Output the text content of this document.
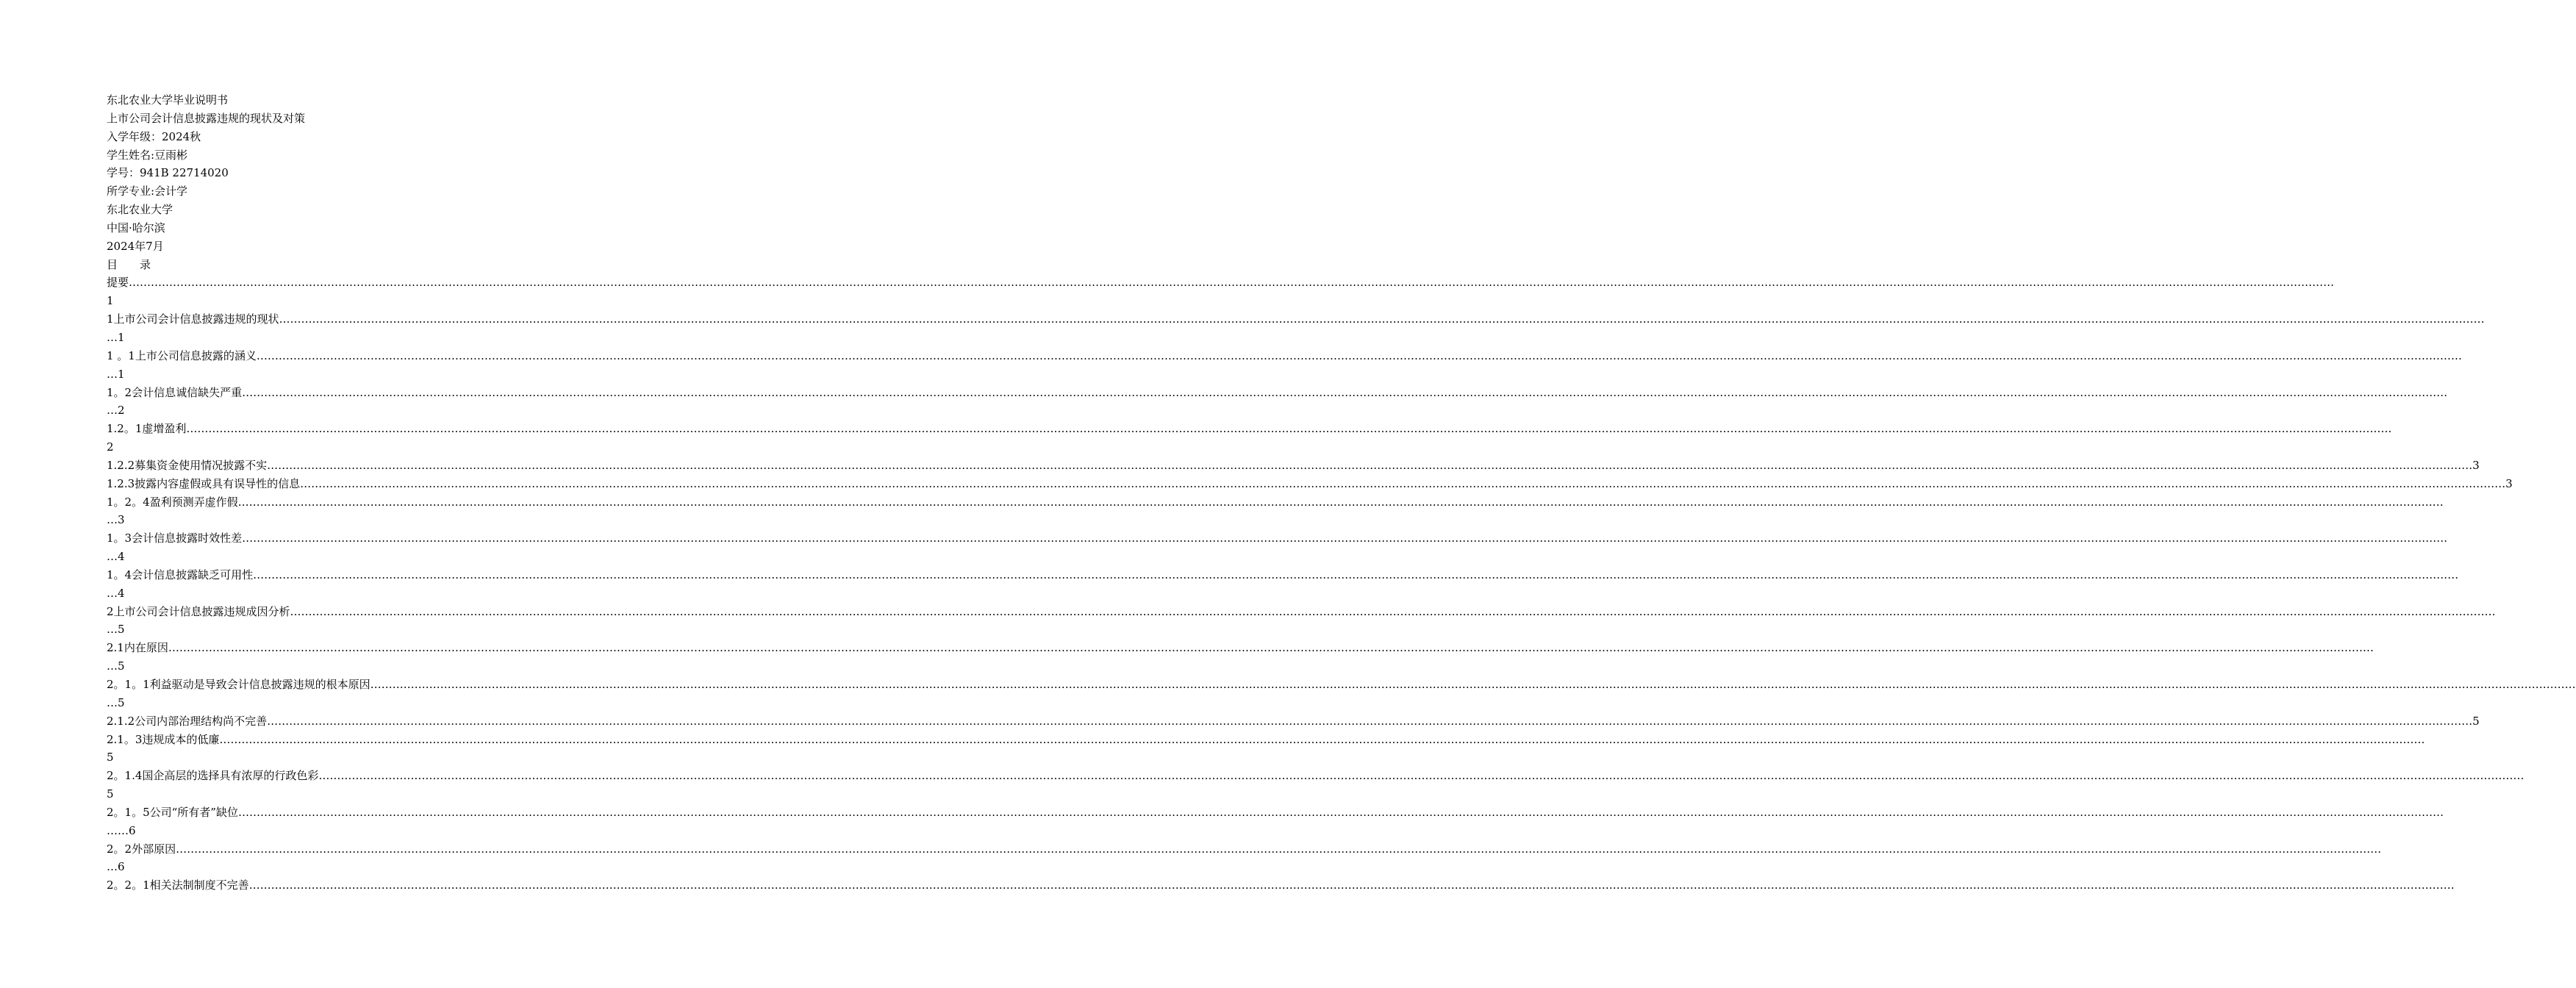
东北农业大学毕业说明书
上市公司会计信息披露违规的现状及对策
入学年级：2024秋
学生姓名:豆雨彬
学号：941B 22714020
所学专业:会计学
东北农业大学
中国·哈尔滨
2024年7月
目　　录
提要 ……………………………………………………………………………………………………………………………………………………………………………………………………………………………………………………………………………………………………………………………………………………………………………………………………………………………………………………………………………………………………………………………………………………
1
1上市公司会计信息披露违规的现状 ……………………………………………………………………………………………………………………………………………………………………………………………………………………………………………………………………………………………………………………………………………………………………………………………………………………………………………………………………………………………………………………………………………………
…1
1 。1上市公司信息披露的涵义 ……………………………………………………………………………………………………………………………………………………………………………………………………………………………………………………………………………………………………………………………………………………………………………………………………………………………………………………………………………………………………………………………………………………
…1
1。2会计信息诚信缺失严重 ……………………………………………………………………………………………………………………………………………………………………………………………………………………………………………………………………………………………………………………………………………………………………………………………………………………………………………………………………………………………………………………………………………………
…2
1.2。1虚增盈利 ……………………………………………………………………………………………………………………………………………………………………………………………………………………………………………………………………………………………………………………………………………………………………………………………………………………………………………………………………………………………………………………………………………………
2
1.2.2募集资金使用情况披露不实 …………………………………………………………………………………………………………………………………………………………………………………………………………………………………………………………………………………………………………………………………………………………………………………………………………………………………………………………………………………………………………………………………………………… 3
1.2.3披露内容虚假或具有误导性的信息 …………………………………………………………………………………………………………………………………………………………………………………………………………………………………………………………………………………………………………………………………………………………………………………………………………………………………………………………………………………………………………………………………………………… 3
1。2。4盈利预测弄虚作假 ……………………………………………………………………………………………………………………………………………………………………………………………………………………………………………………………………………………………………………………………………………………………………………………………………………………………………………………………………………………………………………………………………………………
…3
1。3会计信息披露时效性差 ……………………………………………………………………………………………………………………………………………………………………………………………………………………………………………………………………………………………………………………………………………………………………………………………………………………………………………………………………………………………………………………………………………………
…4
1。4会计信息披露缺乏可用性 ……………………………………………………………………………………………………………………………………………………………………………………………………………………………………………………………………………………………………………………………………………………………………………………………………………………………………………………………………………………………………………………………………………………
…4
2上市公司会计信息披露违规成因分析 ……………………………………………………………………………………………………………………………………………………………………………………………………………………………………………………………………………………………………………………………………………………………………………………………………………………………………………………………………………………………………………………………………………………
…5
2.1内在原因 ……………………………………………………………………………………………………………………………………………………………………………………………………………………………………………………………………………………………………………………………………………………………………………………………………………………………………………………………………………………………………………………………………………………
…5
2。1。1利益驱动是导致会计信息披露违规的根本原因 ……………………………………………………………………………………………………………………………………………………………………………………………………………………………………………………………………………………………………………………………………………………………………………………………………………………………………………………………………………………………………………………………………………………
…5
2.1.2公司内部治理结构尚不完善 …………………………………………………………………………………………………………………………………………………………………………………………………………………………………………………………………………………………………………………………………………………………………………………………………………………………………………………………………………………………………………………………………………………… 5
2.1。3违规成本的低廉 ……………………………………………………………………………………………………………………………………………………………………………………………………………………………………………………………………………………………………………………………………………………………………………………………………………………………………………………………………………………………………………………………………………………
5
2。1.4国企高层的选择具有浓厚的行政色彩 ……………………………………………………………………………………………………………………………………………………………………………………………………………………………………………………………………………………………………………………………………………………………………………………………………………………………………………………………………………………………………………………………………………………
5
2。1。5公司“所有者”缺位 ……………………………………………………………………………………………………………………………………………………………………………………………………………………………………………………………………………………………………………………………………………………………………………………………………………………………………………………………………………………………………………………………………………………
……6
2。2外部原因 ……………………………………………………………………………………………………………………………………………………………………………………………………………………………………………………………………………………………………………………………………………………………………………………………………………………………………………………………………………………………………………………………………………………
…6
2。2。1相关法制制度不完善 ……………………………………………………………………………………………………………………………………………………………………………………………………………………………………………………………………………………………………………………………………………………………………………………………………………………………………………………………………………………………………………………………………………………
